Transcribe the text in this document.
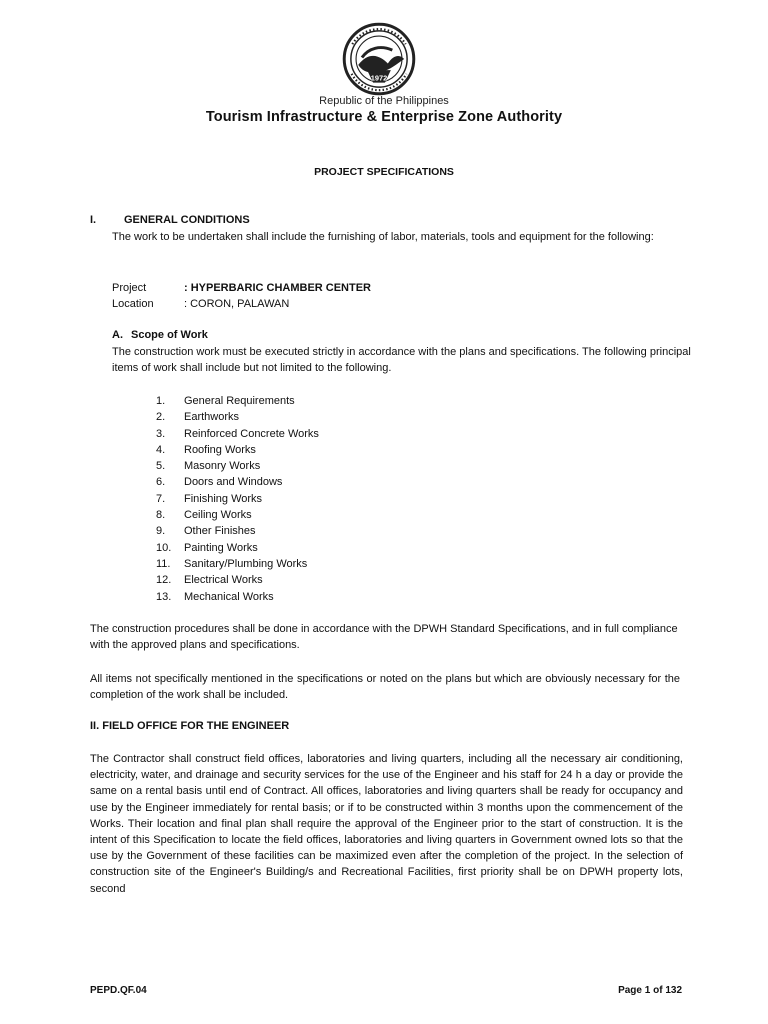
1972
Republic of the Philippines
Tourism Infrastructure & Enterprise Zone Authority
PROJECT SPECIFICATIONS
I.	GENERAL CONDITIONS
The work to be undertaken shall include the furnishing of labor, materials, tools and equipment for the following:
Project	: HYPERBARIC CHAMBER CENTER
Location	: CORON, PALAWAN
A. Scope of Work
The construction work must be executed strictly in accordance with the plans and specifications. The following principal items of work shall include but not limited to the following.
1.	General Requirements
2.	Earthworks
3.	Reinforced Concrete Works
4.	Roofing Works
5.	Masonry Works
6.	Doors and Windows
7.	Finishing Works
8.	Ceiling Works
9.	Other Finishes
10.	Painting Works
11.	Sanitary/Plumbing Works
12.	Electrical Works
13.	Mechanical Works
The construction procedures shall be done in accordance with the DPWH Standard Specifications, and in full compliance with the approved plans and specifications.
All items not specifically mentioned in the specifications or noted on the plans but which are obviously necessary for the completion of the work shall be included.
II. FIELD OFFICE FOR THE ENGINEER
The Contractor shall construct field offices, laboratories and living quarters, including all the necessary air conditioning, electricity, water, and drainage and security services for the use of the Engineer and his staff for 24 h a day or provide the same on a rental basis until end of Contract. All offices, laboratories and living quarters shall be ready for occupancy and use by the Engineer immediately for rental basis; or if to be constructed within 3 months upon the commencement of the Works. Their location and final plan shall require the approval of the Engineer prior to the start of construction. It is the intent of this Specification to locate the field offices, laboratories and living quarters in Government owned lots so that the use by the Government of these facilities can be maximized even after the completion of the project. In the selection of construction site of the Engineer's Building/s and Recreational Facilities, first priority shall be on DPWH property lots, second
PEPD.QF.04	Page 1 of 132
